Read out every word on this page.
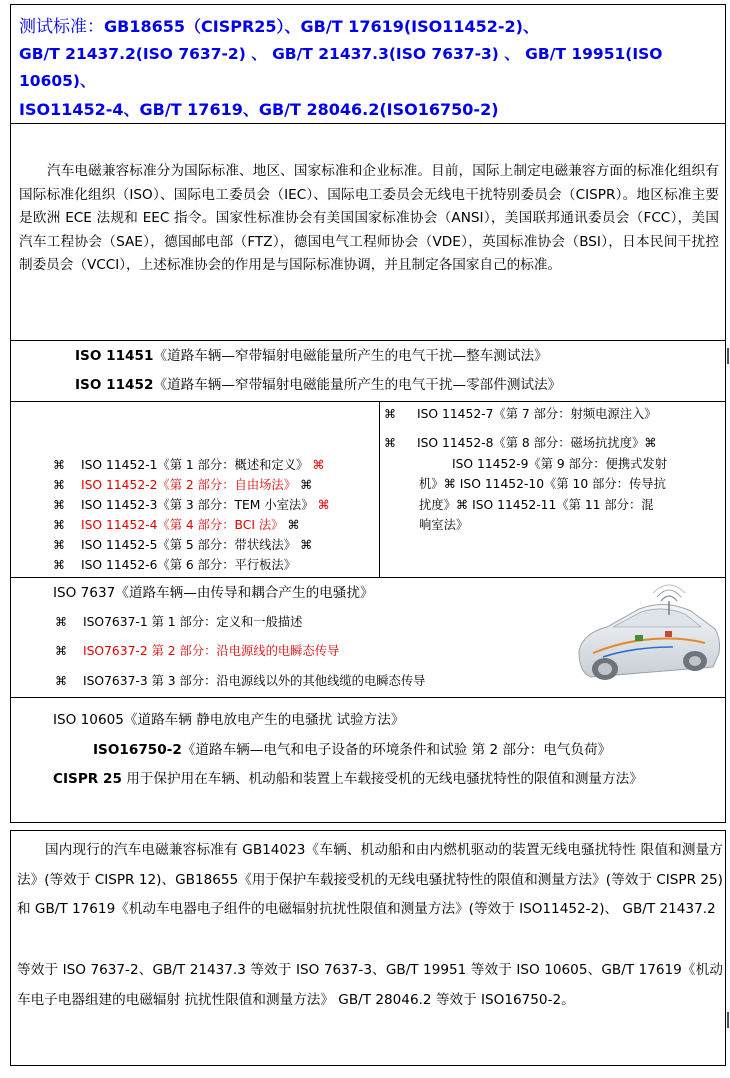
测试标准：GB18655（CISPR25）、GB/T 17619(ISO11452-2)、
GB/T 21437.2(ISO 7637-2) 、 GB/T 21437.3(ISO 7637-3) 、 GB/T 19951(ISO
10605)、
ISO11452-4、GB/T 17619、GB/T 28046.2(ISO16750-2)
汽车电磁兼容标准分为国际标准、地区、国家标准和企业标准。目前，国际上制定电磁兼容方面的标准化组织有国际标准化组织（ISO）、国际电工委员会（IEC）、国际电工委员会无线电干扰特别委员会（CISPR）。地区标准主要是欧洲 ECE 法规和 EEC 指令。国家性标准协会有美国国家标准协会（ANSI），美国联邦通讯委员会（FCC），美国汽车工程协会（SAE），德国邮电部（FTZ），德国电气工程师协会（VDE），英国标准协会（BSI），日本民间干扰控制委员会（VCCI），上述标准协会的作用是与国际标准协调，并且制定各国家自己的标准。
ISO 11451《道路车辆—窄带辐射电磁能量所产生的电气干扰—整车测试法》
ISO 11452《道路车辆—窄带辐射电磁能量所产生的电气干扰—零部件测试法》
⌘ ISO 11452-1《第 1 部分：概述和定义》 ⌘
⌘ ISO 11452-2《第 2 部分：自由场法》 ⌘
⌘ ISO 11452-3《第 3 部分：TEM 小室法》 ⌘
⌘ ISO 11452-4《第 4 部分：BCI 法》 ⌘
⌘ ISO 11452-5《第 5 部分：带状线法》 ⌘
⌘ ISO 11452-6《第 6 部分：平行板法》
⌘ ISO 11452-7《第 7 部分：射频电源注入》
⌘ ISO 11452-8《第 8 部分：磁场抗扰度》⌘
ISO 11452-9《第 9 部分：便携式发射
机》⌘ ISO 11452-10《第 10 部分：传导抗
扰度》⌘ ISO 11452-11《第 11 部分：混
响室法》
ISO 7637《道路车辆—由传导和耦合产生的电骚扰》
⌘ ISO7637-1 第 1 部分：定义和一般描述
⌘ ISO7637-2 第 2 部分：沿电源线的电瞬态传导
⌘ ISO7637-3 第 3 部分：沿电源线以外的其他线缆的电瞬态传导
ISO 10605《道路车辆 静电放电产生的电骚扰 试验方法》
ISO16750-2《道路车辆—电气和电子设备的环境条件和试验 第 2 部分：电气负荷》
CISPR 25 用于保护用在车辆、机动船和装置上车载接受机的无线电骚扰特性的限值和测量方法》
国内现行的汽车电磁兼容标准有 GB14023《车辆、机动船和由内燃机驱动的装置无线电骚扰特性 限值和测量方法》(等效于 CISPR 12)、GB18655《用于保护车载接受机的无线电骚扰特性的限值和测量方法》(等效于 CISPR 25) 和 GB/T 17619《机动车电器电子组件的电磁辐射抗扰性限值和测量方法》(等效于 ISO11452-2)、 GB/T 21437.2
等效于 ISO 7637-2、GB/T 21437.3 等效于 ISO 7637-3、GB/T 19951 等效于 ISO 10605、GB/T 17619《机动车电子电器组建的电磁辐射 抗扰性限值和测量方法》 GB/T 28046.2 等效于 ISO16750-2。
